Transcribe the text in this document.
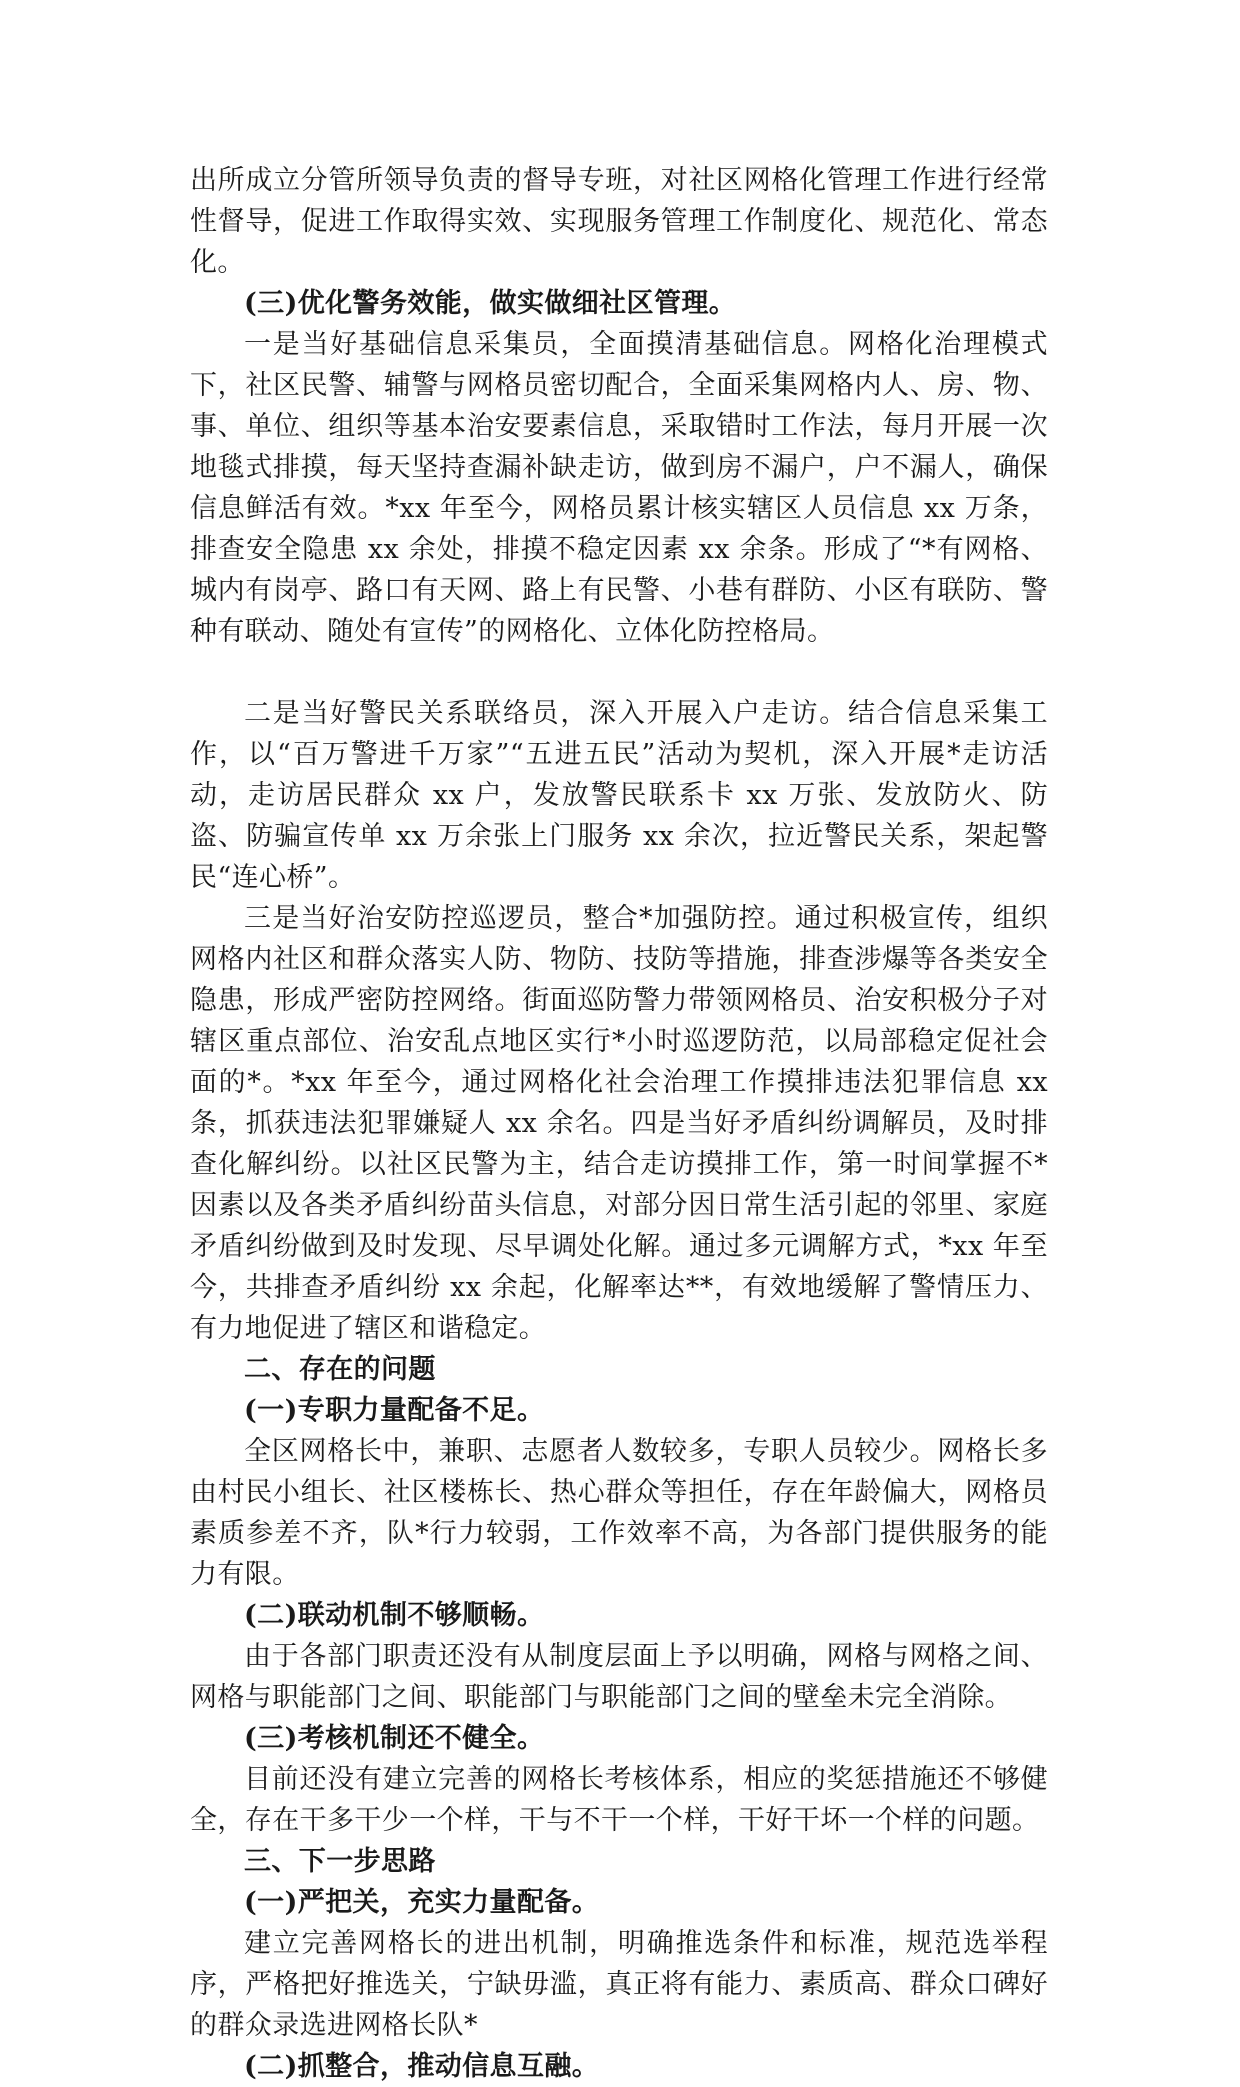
出所成立分管所领导负责的督导专班，对社区网格化管理工作进行经常性督导，促进工作取得实效、实现服务管理工作制度化、规范化、常态化。

(三)优化警务效能，做实做细社区管理。

一是当好基础信息采集员，全面摸清基础信息。网格化治理模式下，社区民警、辅警与网格员密切配合，全面采集网格内人、房、物、事、单位、组织等基本治安要素信息，采取错时工作法，每月开展一次地毯式排摸，每天坚持查漏补缺走访，做到房不漏户，户不漏人，确保信息鲜活有效。*xx 年至今，网格员累计核实辖区人员信息 xx 万条，排查安全隐患 xx 余处，排摸不稳定因素 xx 余条。形成了“*有网格、城内有岗亭、路口有天网、路上有民警、小巷有群防、小区有联防、警种有联动、随处有宣传”的网格化、立体化防控格局。

二是当好警民关系联络员，深入开展入户走访。结合信息采集工作，以“百万警进千万家”“五进五民”活动为契机，深入开展*走访活动，走访居民群众 xx 户，发放警民联系卡 xx 万张、发放防火、防盗、防骗宣传单 xx 万余张上门服务 xx 余次，拉近警民关系，架起警民“连心桥”。

三是当好治安防控巡逻员，整合*加强防控。通过积极宣传，组织网格内社区和群众落实人防、物防、技防等措施，排查涉爆等各类安全隐患，形成严密防控网络。街面巡防警力带领网格员、治安积极分子对辖区重点部位、治安乱点地区实行*小时巡逻防范，以局部稳定促社会面的*。*xx 年至今，通过网格化社会治理工作摸排违法犯罪信息 xx 条，抓获违法犯罪嫌疑人 xx 余名。四是当好矛盾纠纷调解员，及时排查化解纠纷。以社区民警为主，结合走访摸排工作，第一时间掌握不*因素以及各类矛盾纠纷苗头信息，对部分因日常生活引起的邻里、家庭矛盾纠纷做到及时发现、尽早调处化解。通过多元调解方式，*xx 年至今，共排查矛盾纠纷 xx 余起，化解率达**，有效地缓解了警情压力、有力地促进了辖区和谐稳定。

二、存在的问题

(一)专职力量配备不足。

全区网格长中，兼职、志愿者人数较多，专职人员较少。网格长多由村民小组长、社区楼栋长、热心群众等担任，存在年龄偏大，网格员素质参差不齐，队*行力较弱，工作效率不高，为各部门提供服务的能力有限。

(二)联动机制不够顺畅。

由于各部门职责还没有从制度层面上予以明确，网格与网格之间、网格与职能部门之间、职能部门与职能部门之间的壁垒未完全消除。

(三)考核机制还不健全。

目前还没有建立完善的网格长考核体系，相应的奖惩措施还不够健全，存在干多干少一个样，干与不干一个样，干好干坏一个样的问题。

三、下一步思路

(一)严把关，充实力量配备。

建立完善网格长的进出机制，明确推选条件和标准，规范选举程序，严格把好推选关，宁缺毋滥，真正将有能力、素质高、群众口碑好的群众录选进网格长队*

(二)抓整合，推动信息互融。
